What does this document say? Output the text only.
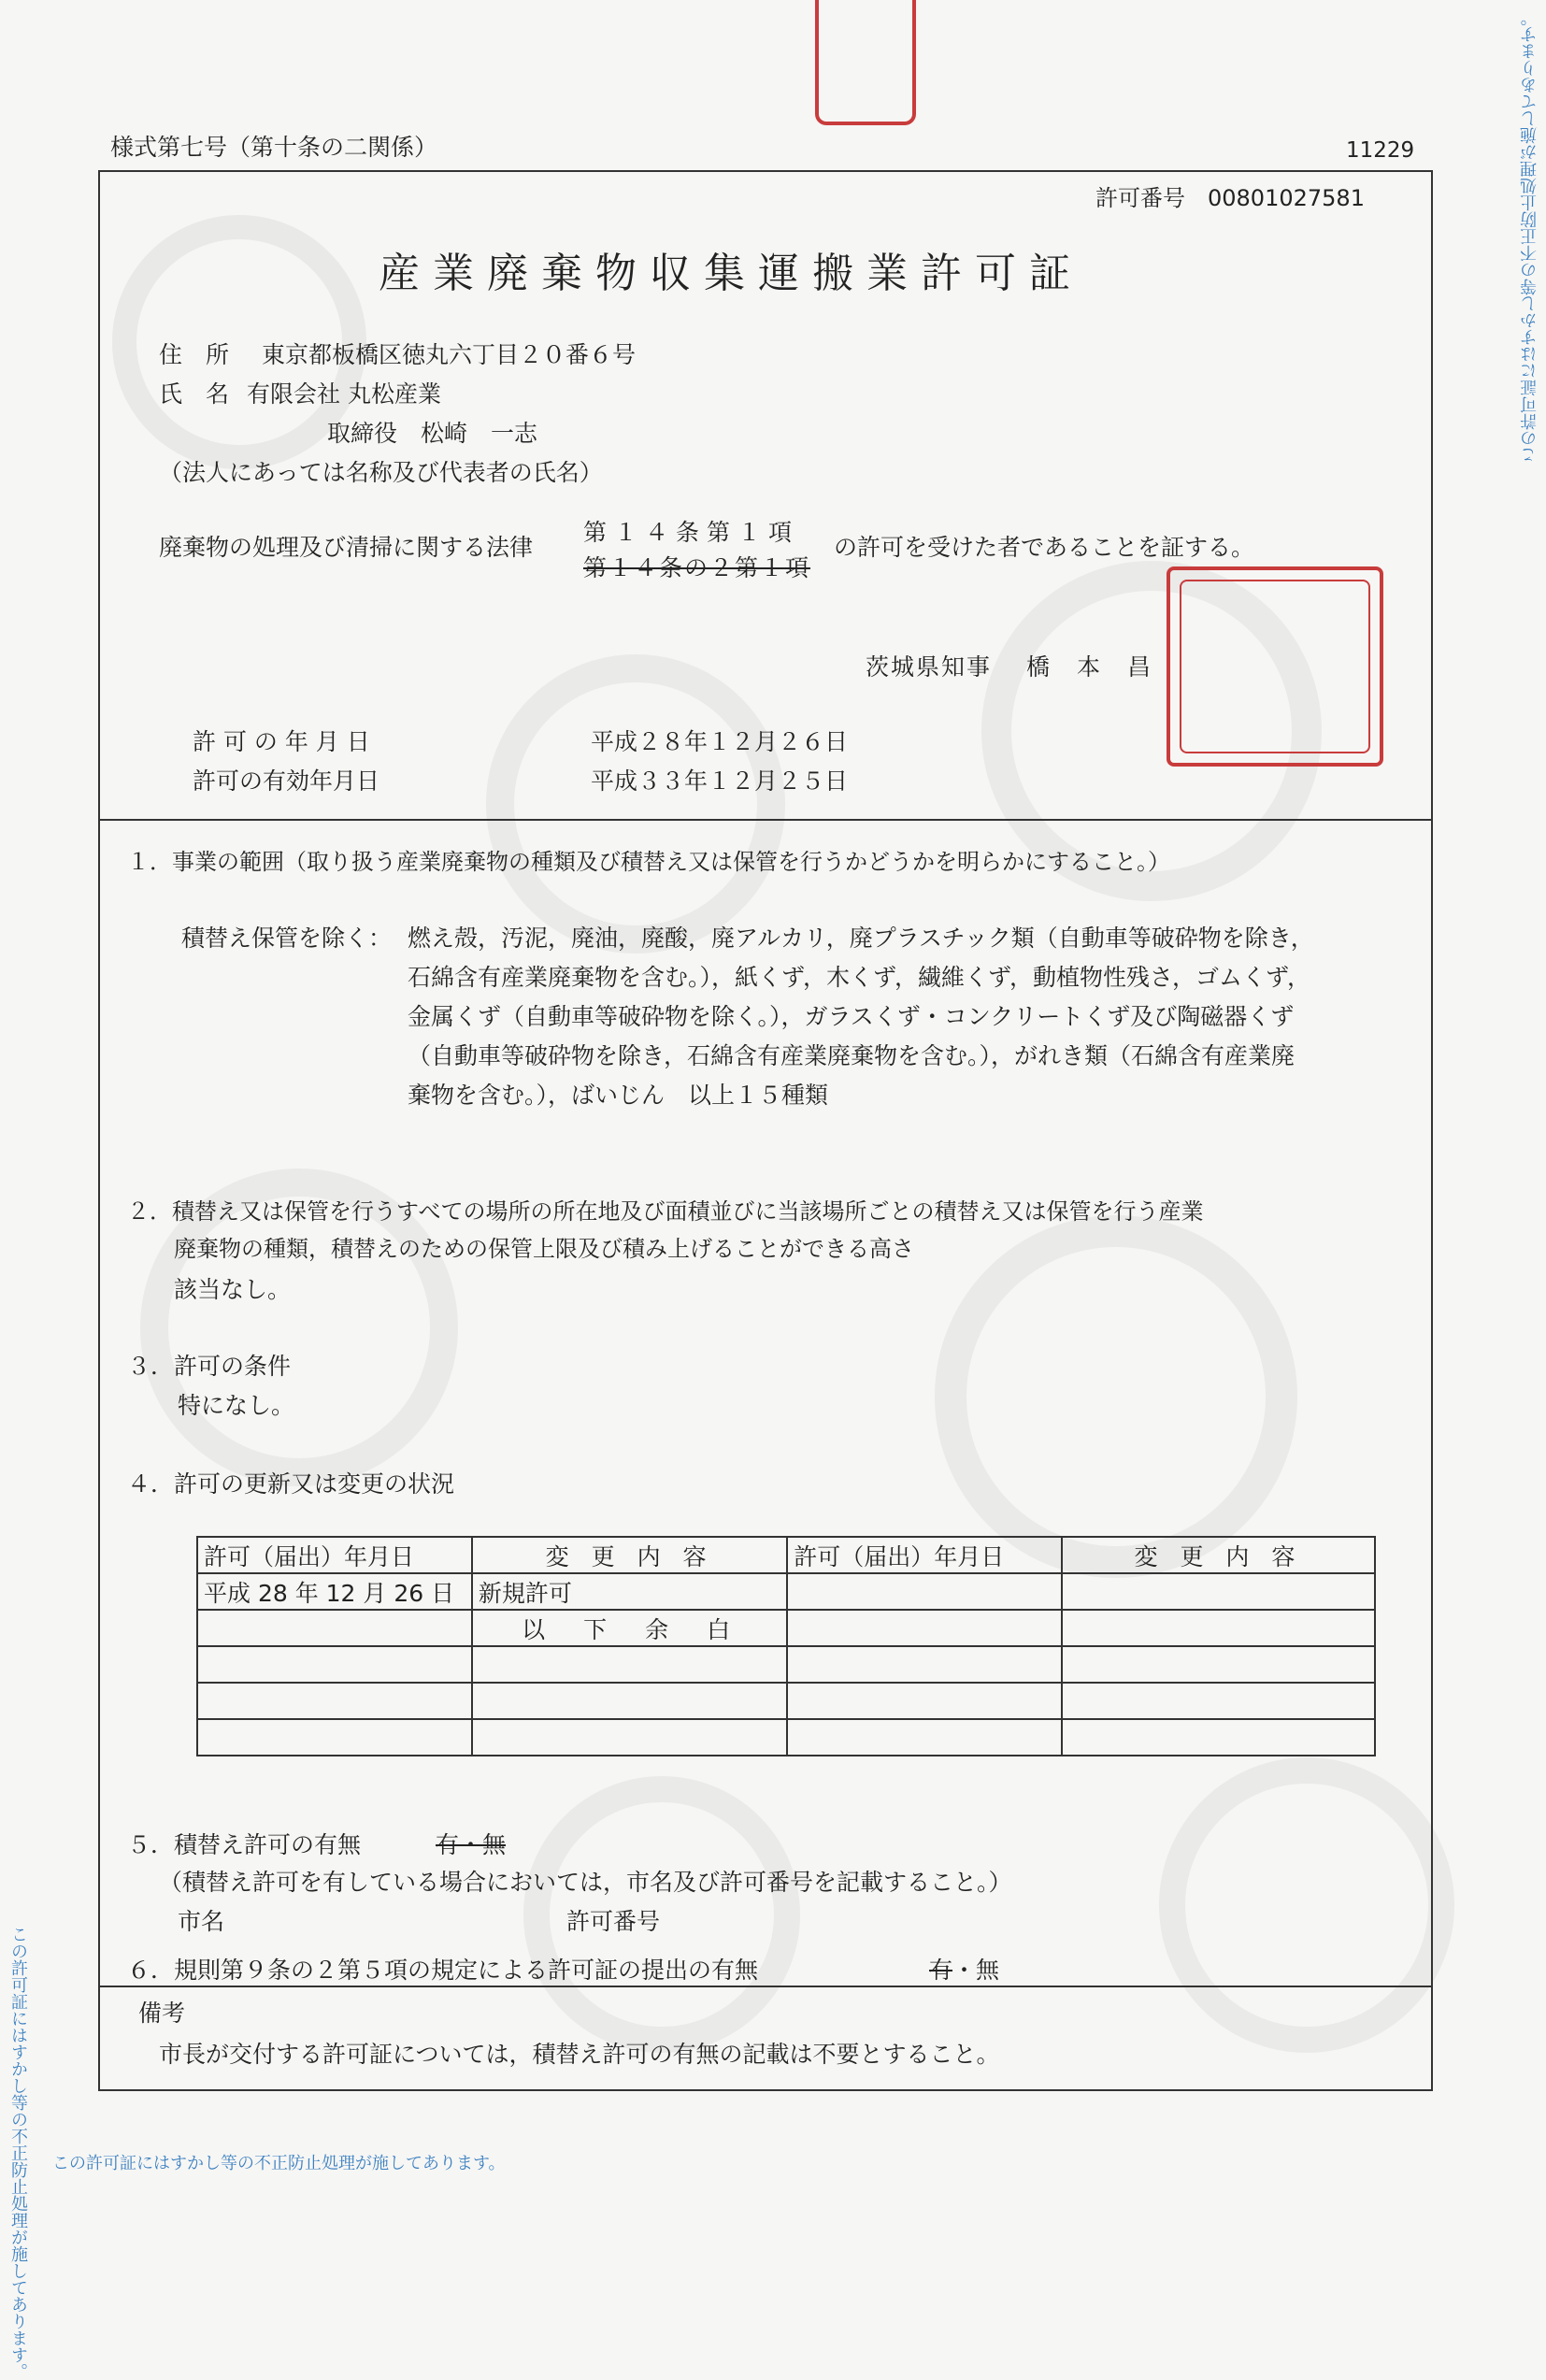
この許可証にはすかし等の不正防止処理が施してあります。
この許可証にはすかし等の不正防止処理が施してあります。 この許可証にはすかし等の不正防止処理が施してあります。
様式第七号（第十条の二関係）	11229
許可番号　00801027581
産業廃棄物収集運搬業許可証
住　所 東京都板橋区徳丸六丁目２０番６号
氏　名 有限会社 丸松産業
取締役　松崎　一志
（法人にあっては名称及び代表者の氏名）
廃棄物の処理及び清掃に関する法律
第１４条第１項
第１４条の２第１項
の許可を受けた者であることを証する。
茨城県知事　 橋　本　昌
許 可 の 年 月 日	平成２８年１２月２６日
許可の有効年月日	平成３３年１２月２５日
１．事業の範囲（取り扱う産業廃棄物の種類及び積替え又は保管を行うかどうかを明らかにすること。）
積替え保管を除く： 燃え殻，汚泥，廃油，廃酸，廃アルカリ，廃プラスチック類（自動車等破砕物を除き，
石綿含有産業廃棄物を含む。），紙くず，木くず，繊維くず，動植物性残さ，ゴムくず，
金属くず（自動車等破砕物を除く。），ガラスくず・コンクリートくず及び陶磁器くず
（自動車等破砕物を除き，石綿含有産業廃棄物を含む。），がれき類（石綿含有産業廃
棄物を含む。），ばいじん　以上１５種類
２．積替え又は保管を行うすべての場所の所在地及び面積並びに当該場所ごとの積替え又は保管を行う産業
廃棄物の種類，積替えのための保管上限及び積み上げることができる高さ
該当なし。
３．許可の条件
特になし。
４．許可の更新又は変更の状況
許可（届出）年月日	変 更 内 容	許可（届出）年月日	変 更 内 容
平成 28 年 12 月 26 日	新規許可		
	以　下　余　白		

５．積替え許可の有無	有・無
（積替え許可を有している場合においては，市名及び許可番号を記載すること。）
市名	許可番号
６．規則第９条の２第５項の規定による許可証の提出の有無	有・無
備考
市長が交付する許可証については，積替え許可の有無の記載は不要とすること。
